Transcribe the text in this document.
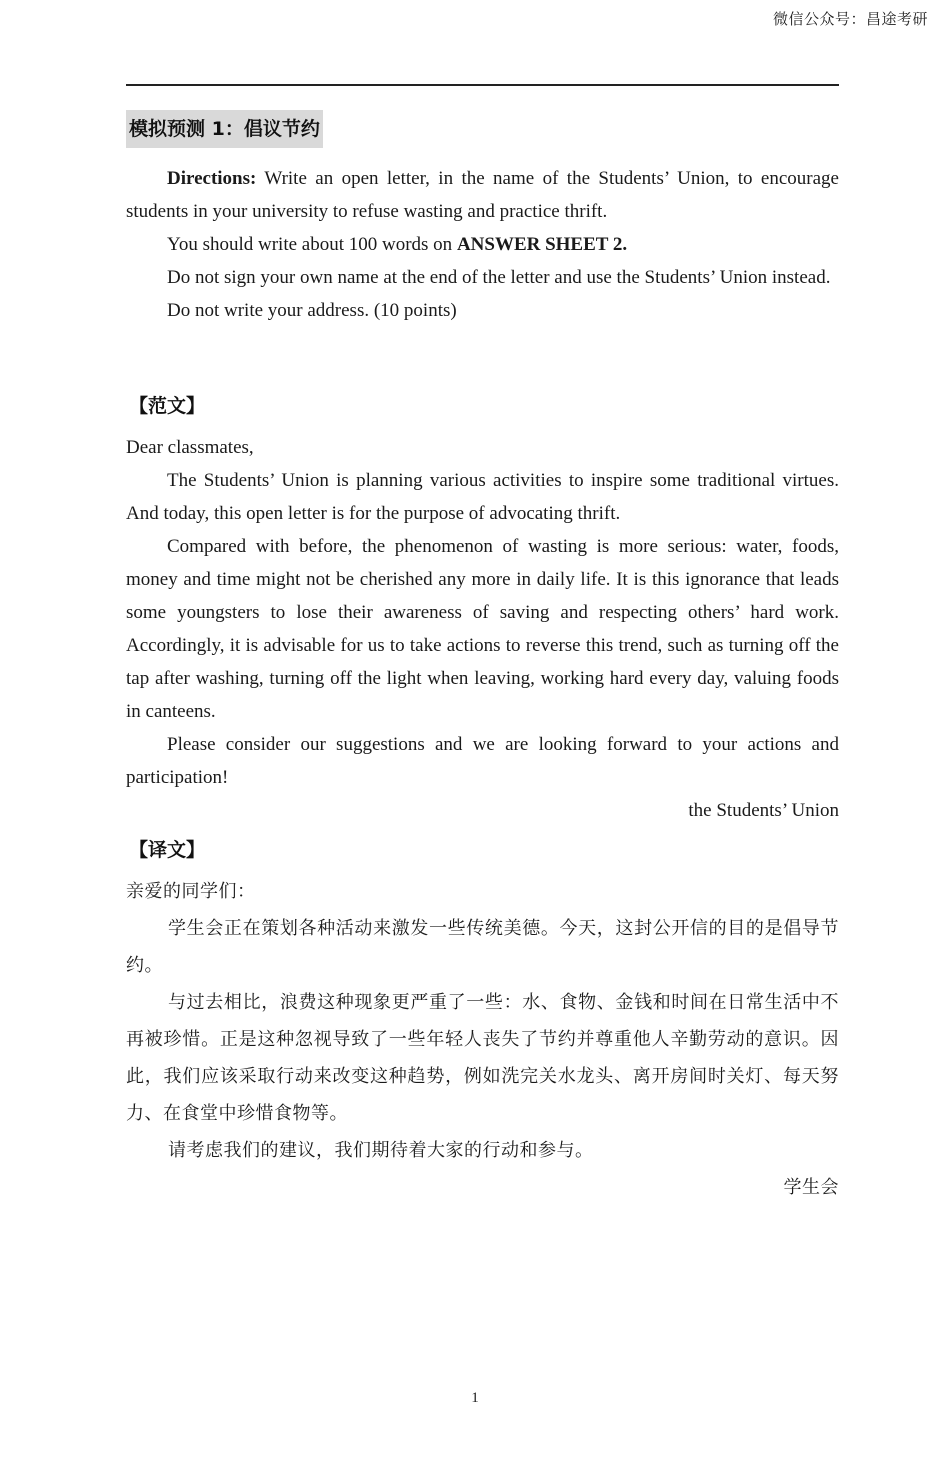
微信公众号：昌途考研
模拟预测 1：倡议节约

Directions: Write an open letter, in the name of the Students’ Union, to encourage students in your university to refuse wasting and practice thrift.

You should write about 100 words on ANSWER SHEET 2.

Do not sign your own name at the end of the letter and use the Students’ Union instead.

Do not write your address. (10 points)

【范文】

Dear classmates,

The Students’ Union is planning various activities to inspire some traditional virtues. And today, this open letter is for the purpose of advocating thrift.

Compared with before, the phenomenon of wasting is more serious: water, foods, money and time might not be cherished any more in daily life. It is this ignorance that leads some youngsters to lose their awareness of saving and respecting others’ hard work. Accordingly, it is advisable for us to take actions to reverse this trend, such as turning off the tap after washing, turning off the light when leaving, working hard every day, valuing foods in canteens.

Please consider our suggestions and we are looking forward to your actions and participation!

the Students’ Union

【译文】

亲爱的同学们：

学生会正在策划各种活动来激发一些传统美德。今天，这封公开信的目的是倡导节约。

与过去相比，浪费这种现象更严重了一些：水、食物、金钱和时间在日常生活中不再被珍惜。正是这种忽视导致了一些年轻人丧失了节约并尊重他人辛勤劳动的意识。因此，我们应该采取行动来改变这种趋势，例如洗完关水龙头、离开房间时关灯、每天努力、在食堂中珍惜食物等。

请考虑我们的建议，我们期待着大家的行动和参与。

学生会

1
